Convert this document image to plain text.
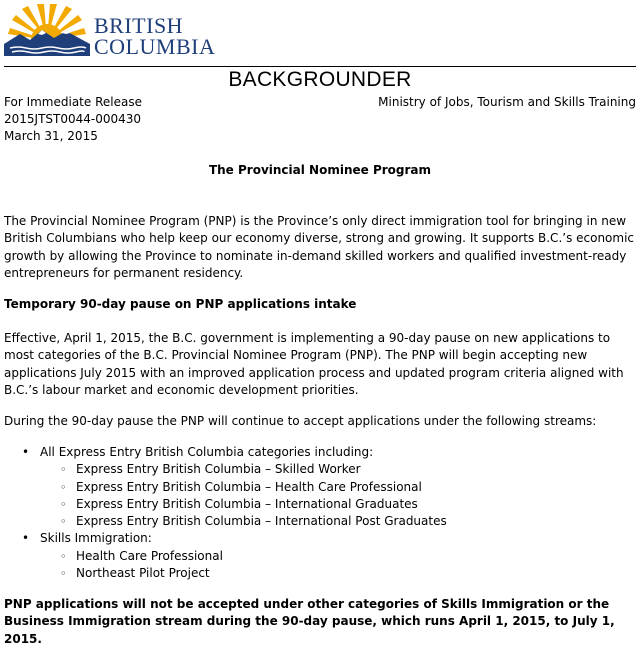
BRITISH
COLUMBIA
BACKGROUNDER
For Immediate Release
2015JTST0044-000430
March 31, 2015
Ministry of Jobs, Tourism and Skills Training
The Provincial Nominee Program

The Provincial Nominee Program (PNP) is the Province’s only direct immigration tool for bringing in new British Columbians who help keep our economy diverse, strong and growing. It supports B.C.’s economic growth by allowing the Province to nominate in-demand skilled workers and qualified investment-ready entrepreneurs for permanent residency.

Temporary 90-day pause on PNP applications intake

Effective, April 1, 2015, the B.C. government is implementing a 90-day pause on new applications to most categories of the B.C. Provincial Nominee Program (PNP). The PNP will begin accepting new applications July 2015 with an improved application process and updated program criteria aligned with B.C.’s labour market and economic development priorities.

During the 90-day pause the PNP will continue to accept applications under the following streams:

• All Express Entry British Columbia categories including:
◦ Express Entry British Columbia – Skilled Worker
◦ Express Entry British Columbia – Health Care Professional
◦ Express Entry British Columbia – International Graduates
◦ Express Entry British Columbia – International Post Graduates
• Skills Immigration:
◦ Health Care Professional
◦ Northeast Pilot Project

PNP applications will not be accepted under other categories of Skills Immigration or the Business Immigration stream during the 90-day pause, which runs April 1, 2015, to July 1, 2015.
